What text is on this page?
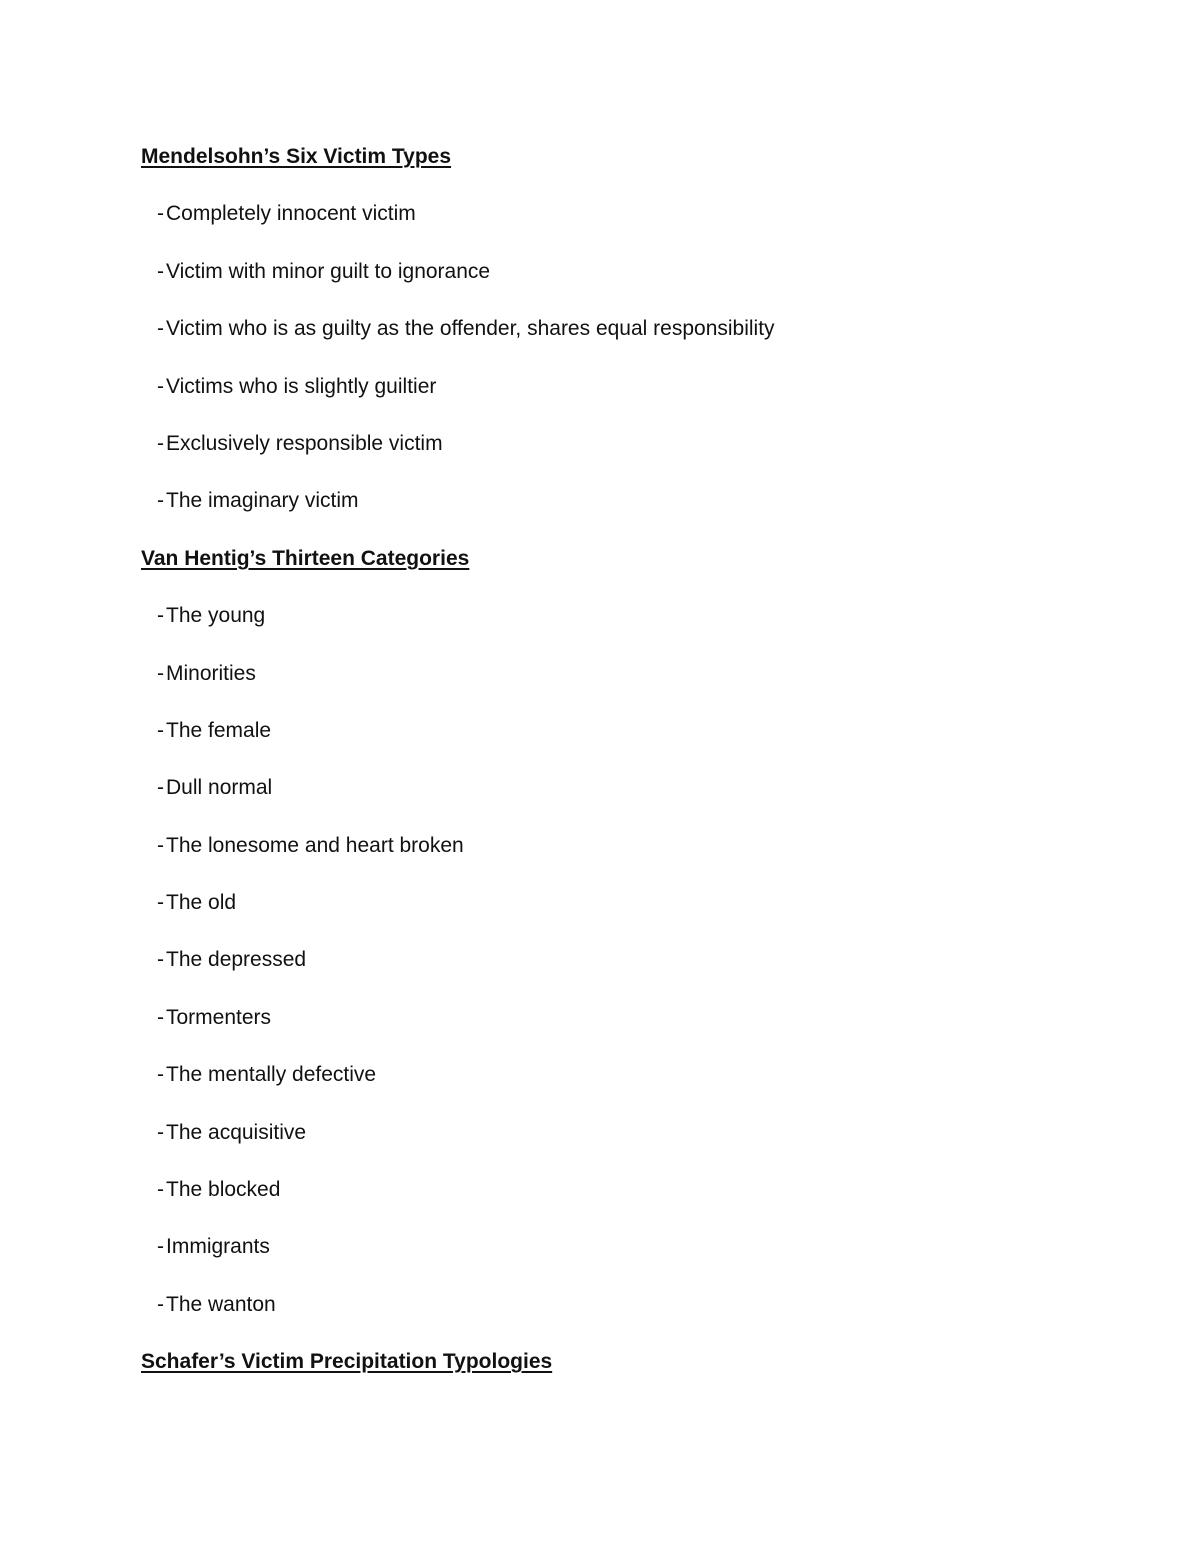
Mendelsohn’s Six Victim Types
-Completely innocent victim
-Victim with minor guilt to ignorance
-Victim who is as guilty as the offender, shares equal responsibility
-Victims who is slightly guiltier
-Exclusively responsible victim
-The imaginary victim
Van Hentig’s Thirteen Categories
-The young
-Minorities
-The female
-Dull normal
-The lonesome and heart broken
-The old
-The depressed
-Tormenters
-The mentally defective
-The acquisitive
-The blocked
-Immigrants
-The wanton
Schafer’s Victim Precipitation Typologies
